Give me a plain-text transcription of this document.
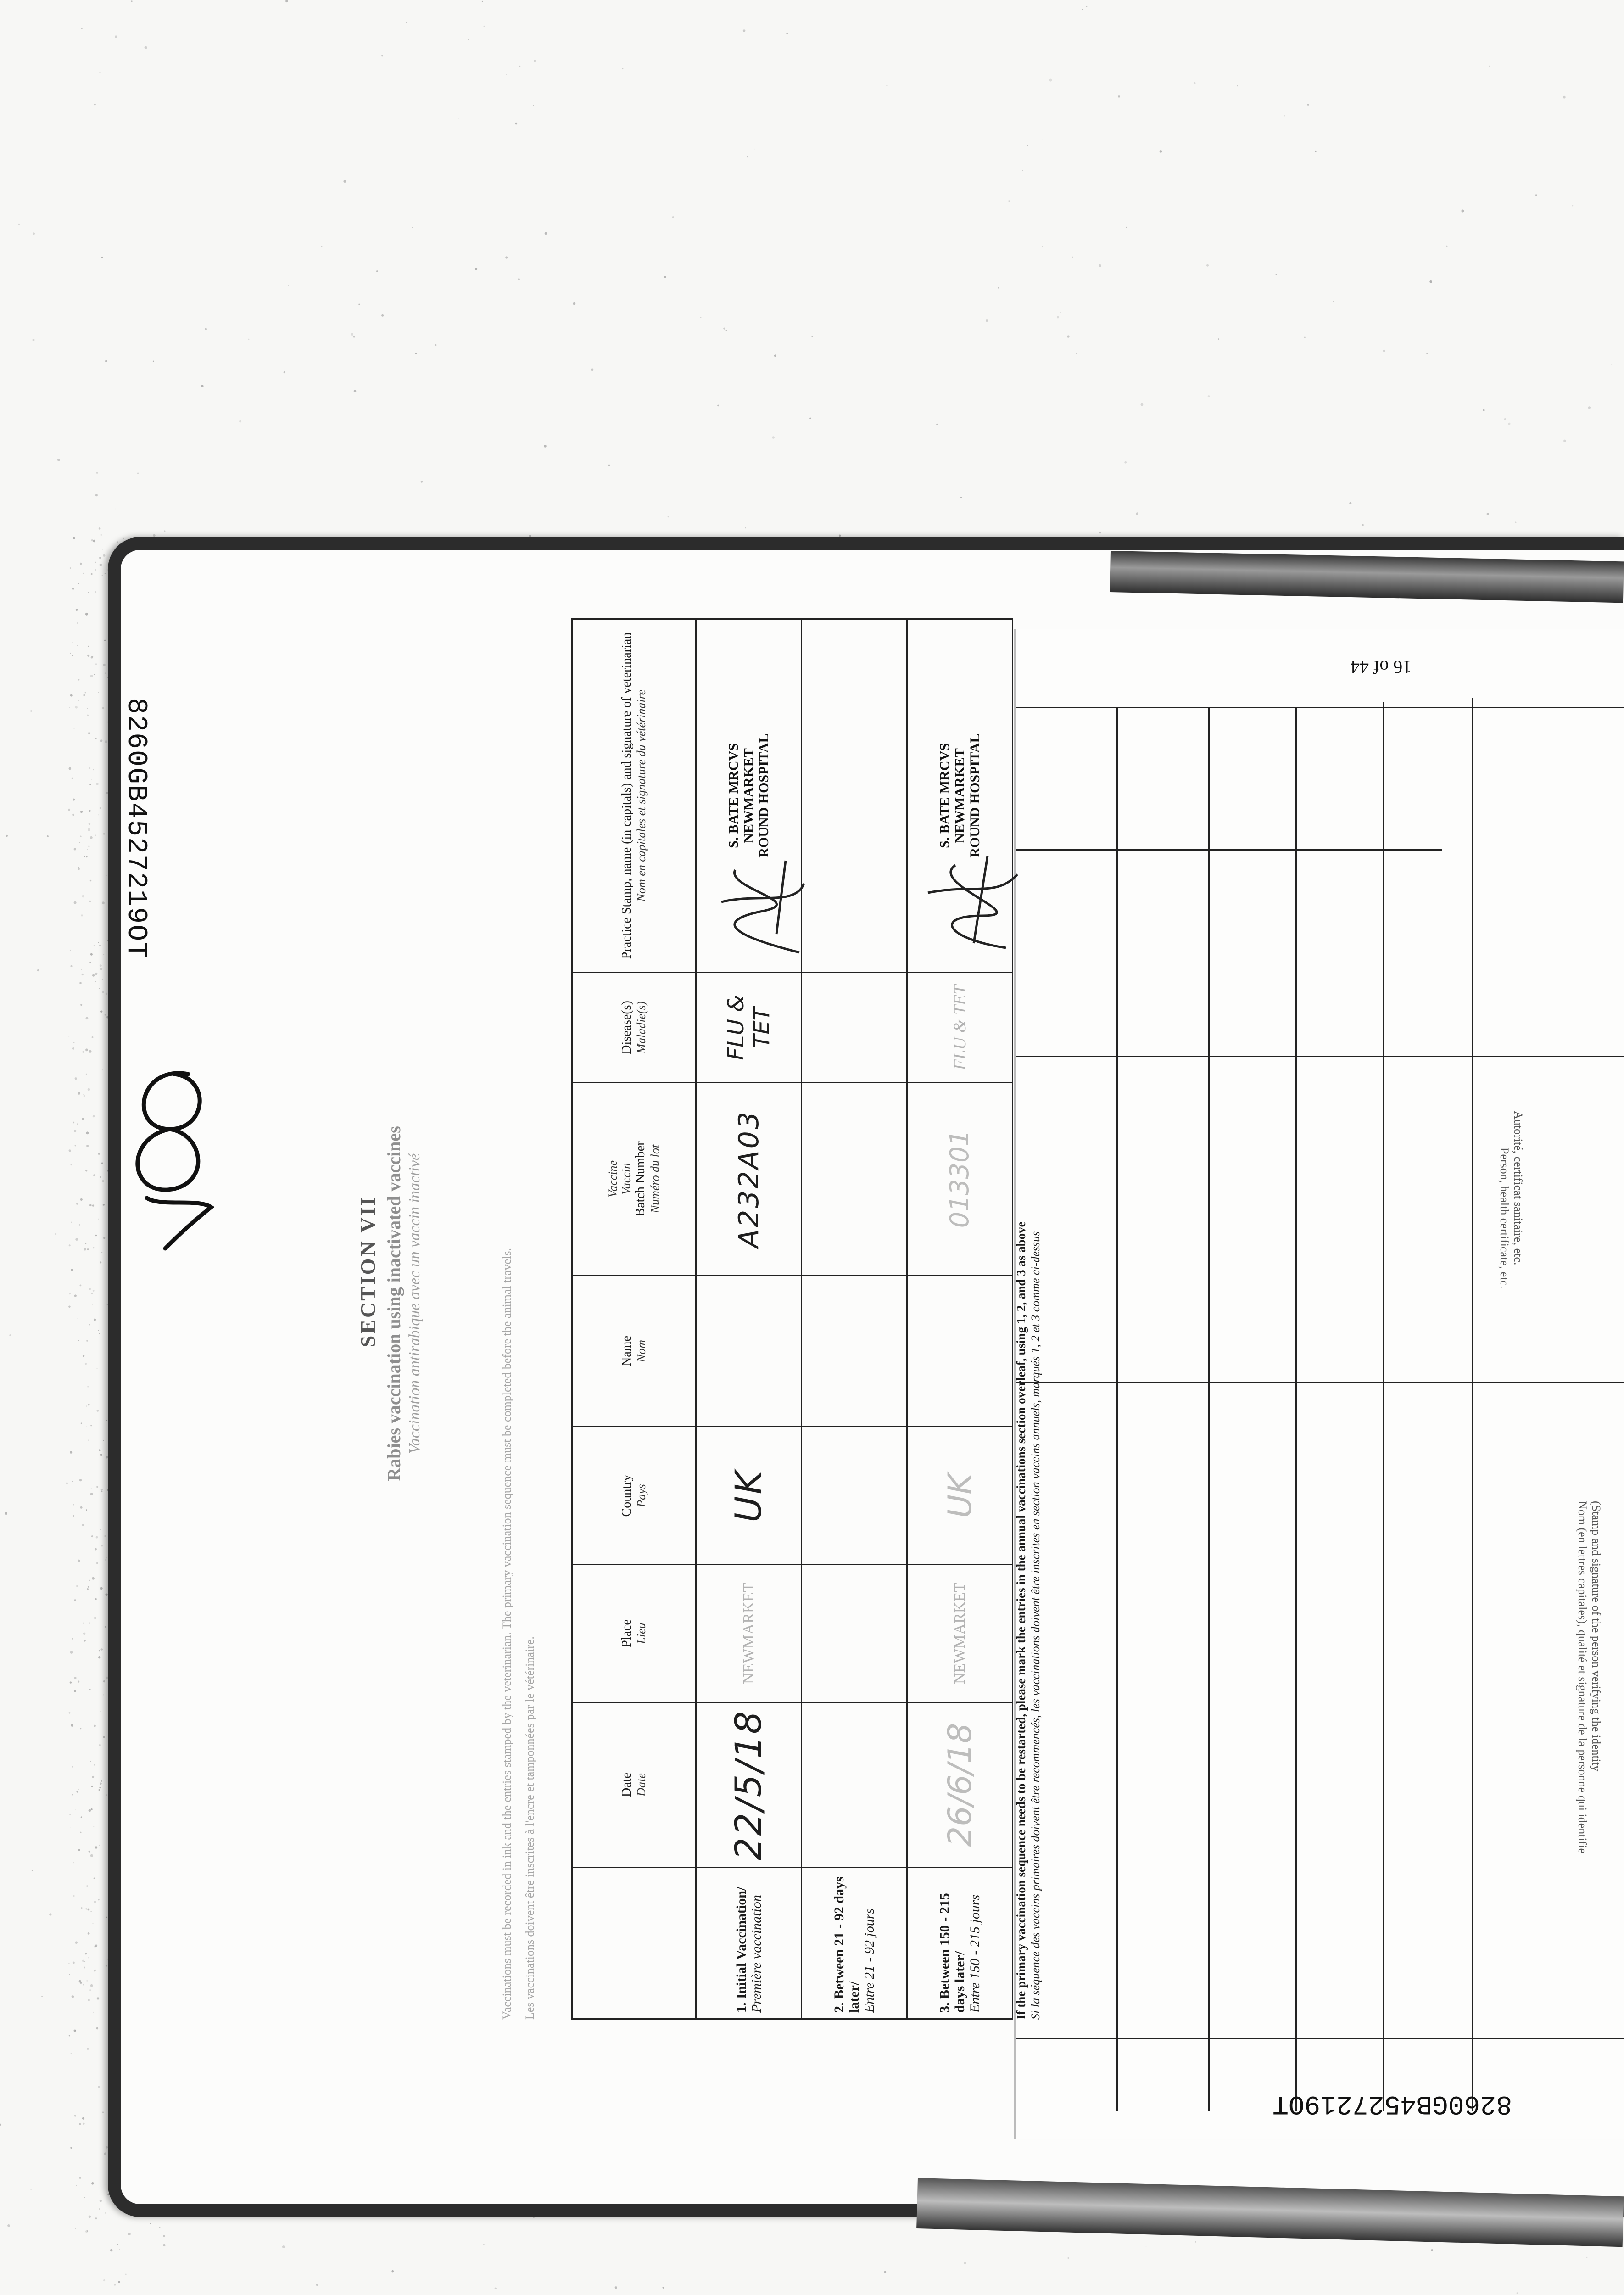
16 of 44
Autorité, certificat sanitaire, etc.
Person, health certificate, etc.
(Stamp and signature of the person verifying the identity
Nom (en lettres capitales), qualité et signature de la personne qui identifie
8260GB4527219OT
SECTION VII Rabies vaccination using inactivated vaccines Vaccination antirabique avec un vaccin inactivé	Vaccinations must be recorded in ink and the entries stamped by the veterinarian. The primary vaccination sequence must be completed before the animal travels. Les vaccinations doivent être inscrites à l'encre et tamponnées par le vétérinaire.
		Date Date	Place Lieu	Country Pays	Name Nom	Vaccine Vaccin Batch Number Numéro du lot	Disease(s) Maladie(s)	Practice Stamp, name (in capitals) and signature of veterinarian Nom en capitales et signature du vétérinaire

1. Initial Vaccination/ Première vaccination	22/5/18	NEWMARKET	UK		A232A03	FLU & TET	S. BATE MRCVS NEWMARKET ROUND HOSPITAL

2. Between 21 - 92 days later/ Entre 21 - 92 jours							

3. Between 150 - 215 days later/ Entre 150 - 215 jours	26/6/18	NEWMARKET	UK		013301	FLU & TET	S. BATE MRCVS NEWMARKET ROUND HOSPITAL
If the primary vaccination sequence needs to be restarted, please mark the entries in the annual vaccinations section overleaf, using 1, 2, and 3 as above Si la séquence des vaccins primaires doivent être recommencés, les vaccinations doivent être inscrites en section vaccins annuels, marqués 1, 2 et 3 comme ci-dessus
8260GB4527219OT
